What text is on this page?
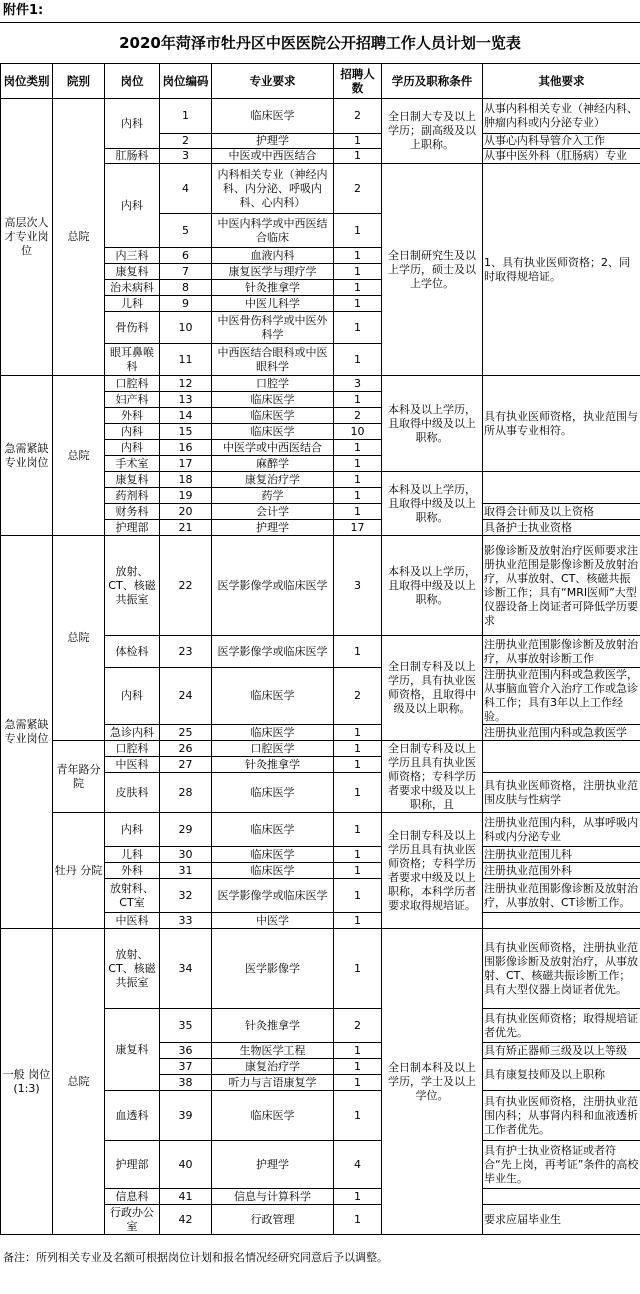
附件1:
2020年菏泽市牡丹区中医医院公开招聘工作人员计划一览表
岗位类别	院别	岗位	岗位编码	专业要求	招聘人数	学历及职称条件	其他要求
高层次人才专业岗位	总院	内科	1	临床医学	2	全日制大专及以上学历；副高级及以上职称。	从事内科相关专业（神经内科、肿瘤内科或内分泌专业）
			2	护理学	1		从事心内科导管介入工作
		肛肠科	3	中医或中西医结合	1		从事中医外科（肛肠病）专业
		内科	4	内科相关专业（神经内科、内分泌、呼吸内科、心内科）	2	全日制研究生及以上学历，硕士及以上学位。	1、具有执业医师资格；2、同时取得规培证。
			5	中医内科学或中西医结合临床	1		
		内三科	6	血液内科	1		
		康复科	7	康复医学与理疗学	1		
		治未病科	8	针灸推拿学	1		
		儿科	9	中医儿科学	1		
		骨伤科	10	中医骨伤科学或中医外科学	1		
		眼耳鼻喉科	11	中西医结合眼科或中医眼科学	1		
急需紧缺专业岗位	总院	口腔科	12	口腔学	3	本科及以上学历，且取得中级及以上职称。	具有执业医师资格，执业范围与所从事专业相符。
		妇产科	13	临床医学	1		
		外科	14	临床医学	2		
		内科	15	临床医学	10		
		内科	16	中医学或中西医结合	1		
		手术室	17	麻醉学	1		
		康复科	18	康复治疗学	1	本科及以上学历，且取得中级及以上职称。	
		药剂科	19	药学	1		
		财务科	20	会计学	1		取得会计师及以上资格
		护理部	21	护理学	17		具备护士执业资格
急需紧缺专业岗位	总院	放射、CT、核磁共振室	22	医学影像学或临床医学	3	本科及以上学历，且取得中级及以上职称。	影像诊断及放射治疗医师要求注册执业范围是影像诊断及放射治疗，从事放射、CT、核磁共振诊断工作；具有“MRI医师”大型仪器设备上岗证者可降低学历要求
		体检科	23	医学影像学或临床医学	1	全日制专科及以上学历，具有执业医师资格，且取得中级及以上职称。	注册执业范围影像诊断及放射治疗，从事放射诊断工作
		内科	24	临床医学	2		注册执业范围内科或急救医学，从事脑血管介入治疗工作或急诊科工作；具有3年以上工作经验。
		急诊内科	25	临床医学	1		注册执业范围内科或急救医学
	青年路分院	口腔科	26	口腔医学	1	全日制专科及以上学历且具有执业医师资格；专科学历者要求中级及以上职称，且	
		中医科	27	针灸推拿学	1		
		皮肤科	28	临床医学	1		具有执业医师资格，注册执业范围皮肤与性病学
	牡丹 分院	内科	29	临床医学	1	全日制专科及以上学历且具有执业医师资格；专科学历者要求中级及以上职称，本科学历者要求取得规培证。	注册执业范围内科，从事呼吸内科或内分泌专业
		儿科	30	临床医学	1		注册执业范围儿科
		外科	31	临床医学	1		注册执业范围外科
		放射科、CT室	32	医学影像学或临床医学	1		注册执业范围影像诊断及放射治疗，从事放射、CT诊断工作。
		中医科	33	中医学	1		
一般 岗位 (1:3)	总院	放射、CT、核磁共振室	34	医学影像学	1	全日制本科及以上学历，学士及以上学位。	具有执业医师资格，注册执业范围影像诊断及放射治疗，从事放射、CT、核磁共振诊断工作；具有大型仪器上岗证者优先。
		康复科	35	针灸推拿学	2		具有执业医师资格；取得规培证者优先。
			36	生物医学工程	1		具有矫正器师三级及以上等级
			37	康复治疗学	1		具有康复技师及以上职称
			38	听力与言语康复学	1		
		血透科	39	临床医学	1		具有执业医师资格，注册执业范围内科；从事肾内科和血液透析工作者优先。
		护理部	40	护理学	4		具有护士执业资格证或者符合“先上岗，再考证”条件的高校毕业生。
		信息科	41	信息与计算科学	1		
		行政办公室	42	行政管理	1		要求应届毕业生
备注：所列相关专业及名额可根据岗位计划和报名情况经研究同意后予以调整。
